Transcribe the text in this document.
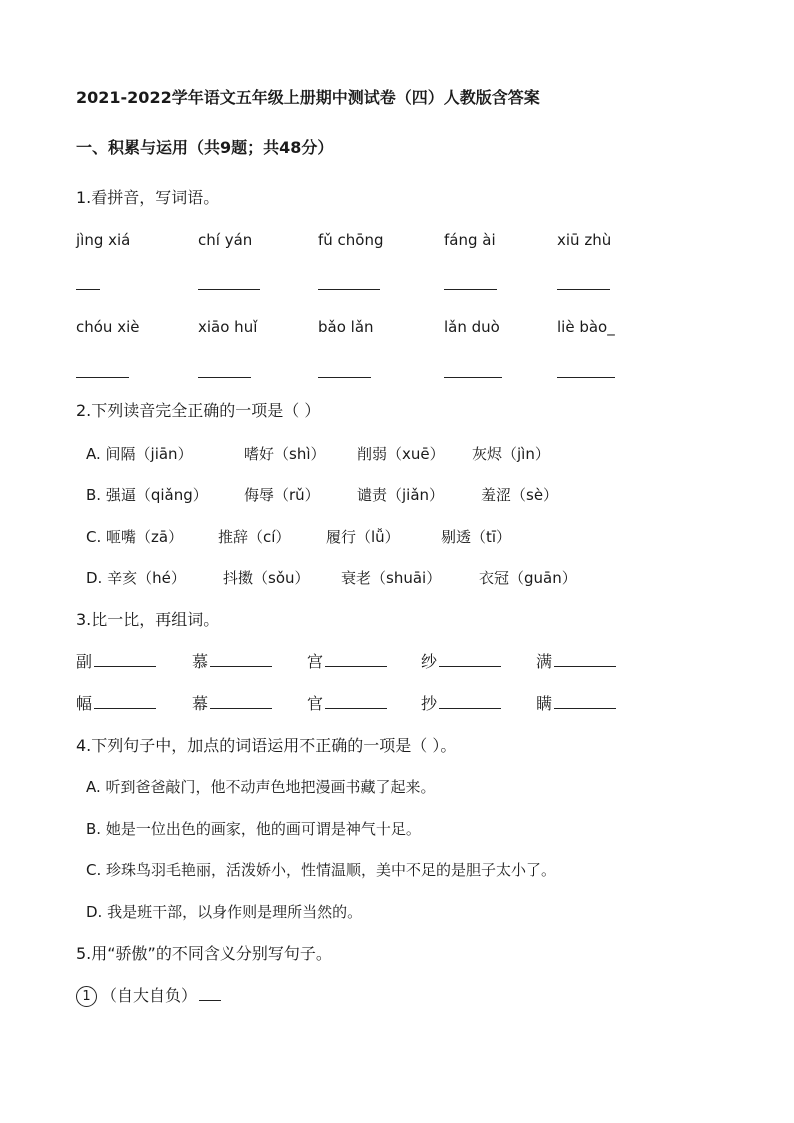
2021-2022学年语文五年级上册期中测试卷（四）人教版含答案
一、积累与运用（共9题；共48分）
1.看拼音，写词语。
jìng xiá	chí yán	fǔ chōng	fáng ài	xiū zhù
chóu xiè	xiāo huǐ	bǎo lǎn	lǎn duò	liè bào_
2.下列读音完全正确的一项是（ ）
A. 间隔（jiān）	嗜好（shì） 削弱（xuē） 灰烬（jìn）
B. 强逼（qiǎng） 侮辱（rǔ） 谴责（jiǎn） 羞涩（sè）
C. 咂嘴（zā） 推辞（cí） 履行（lǚ）	剔透（tī）
D. 辛亥（hé） 抖擞（sǒu） 衰老（shuāi）	衣冠（guān）
3.比一比，再组词。
副	慕	宫	纱	满
幅	幕	官	抄	瞒
4.下列句子中，加点的词语运用不正确的一项是（ ）。
A. 听到爸爸敲门，他不动声色地把漫画书藏了起来。
B. 她是一位出色的画家，他的画可谓是神气十足。
C. 珍珠鸟羽毛艳丽，活泼娇小，性情温顺，美中不足的是胆子太小了。
D. 我是班干部，以身作则是理所当然的。
5.用“骄傲”的不同含义分别写句子。
1 （自大自负）
